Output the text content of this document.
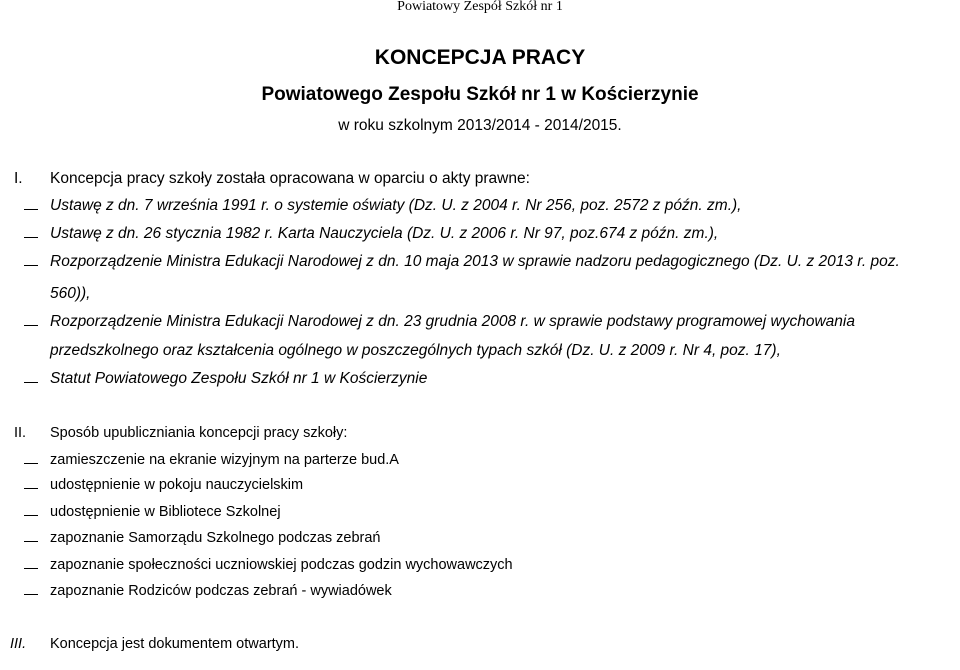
Powiatowy Zespół Szkół nr 1
KONCEPCJA PRACY
Powiatowego Zespołu Szkół nr 1 w Kościerzynie
w roku szkolnym 2013/2014 - 2014/2015.
I. Koncepcja pracy szkoły została opracowana w oparciu o akty prawne:
Ustawę z dn. 7 września 1991 r. o systemie oświaty (Dz. U. z 2004 r. Nr 256, poz. 2572 z późn. zm.),
Ustawę z dn. 26 stycznia 1982 r. Karta Nauczyciela (Dz. U. z 2006 r. Nr 97, poz.674 z późn. zm.),
Rozporządzenie Ministra Edukacji Narodowej z dn. 10 maja 2013 w sprawie nadzoru pedagogicznego (Dz. U. z 2013 r. poz.
560)),
Rozporządzenie Ministra Edukacji Narodowej z dn. 23 grudnia 2008 r. w sprawie podstawy programowej wychowania
przedszkolnego oraz kształcenia ogólnego w poszczególnych typach szkół (Dz. U. z 2009 r. Nr 4, poz. 17),
Statut Powiatowego Zespołu Szkół nr 1 w Kościerzynie
II. Sposób upubliczniania koncepcji pracy szkoły:
zamieszczenie na ekranie wizyjnym na parterze bud.A
udostępnienie w pokoju nauczycielskim
udostępnienie w Bibliotece Szkolnej
zapoznanie Samorządu Szkolnego podczas zebrań
zapoznanie społeczności uczniowskiej podczas godzin wychowawczych
zapoznanie Rodziców podczas zebrań - wywiadówek
III. Koncepcja jest dokumentem otwartym.
